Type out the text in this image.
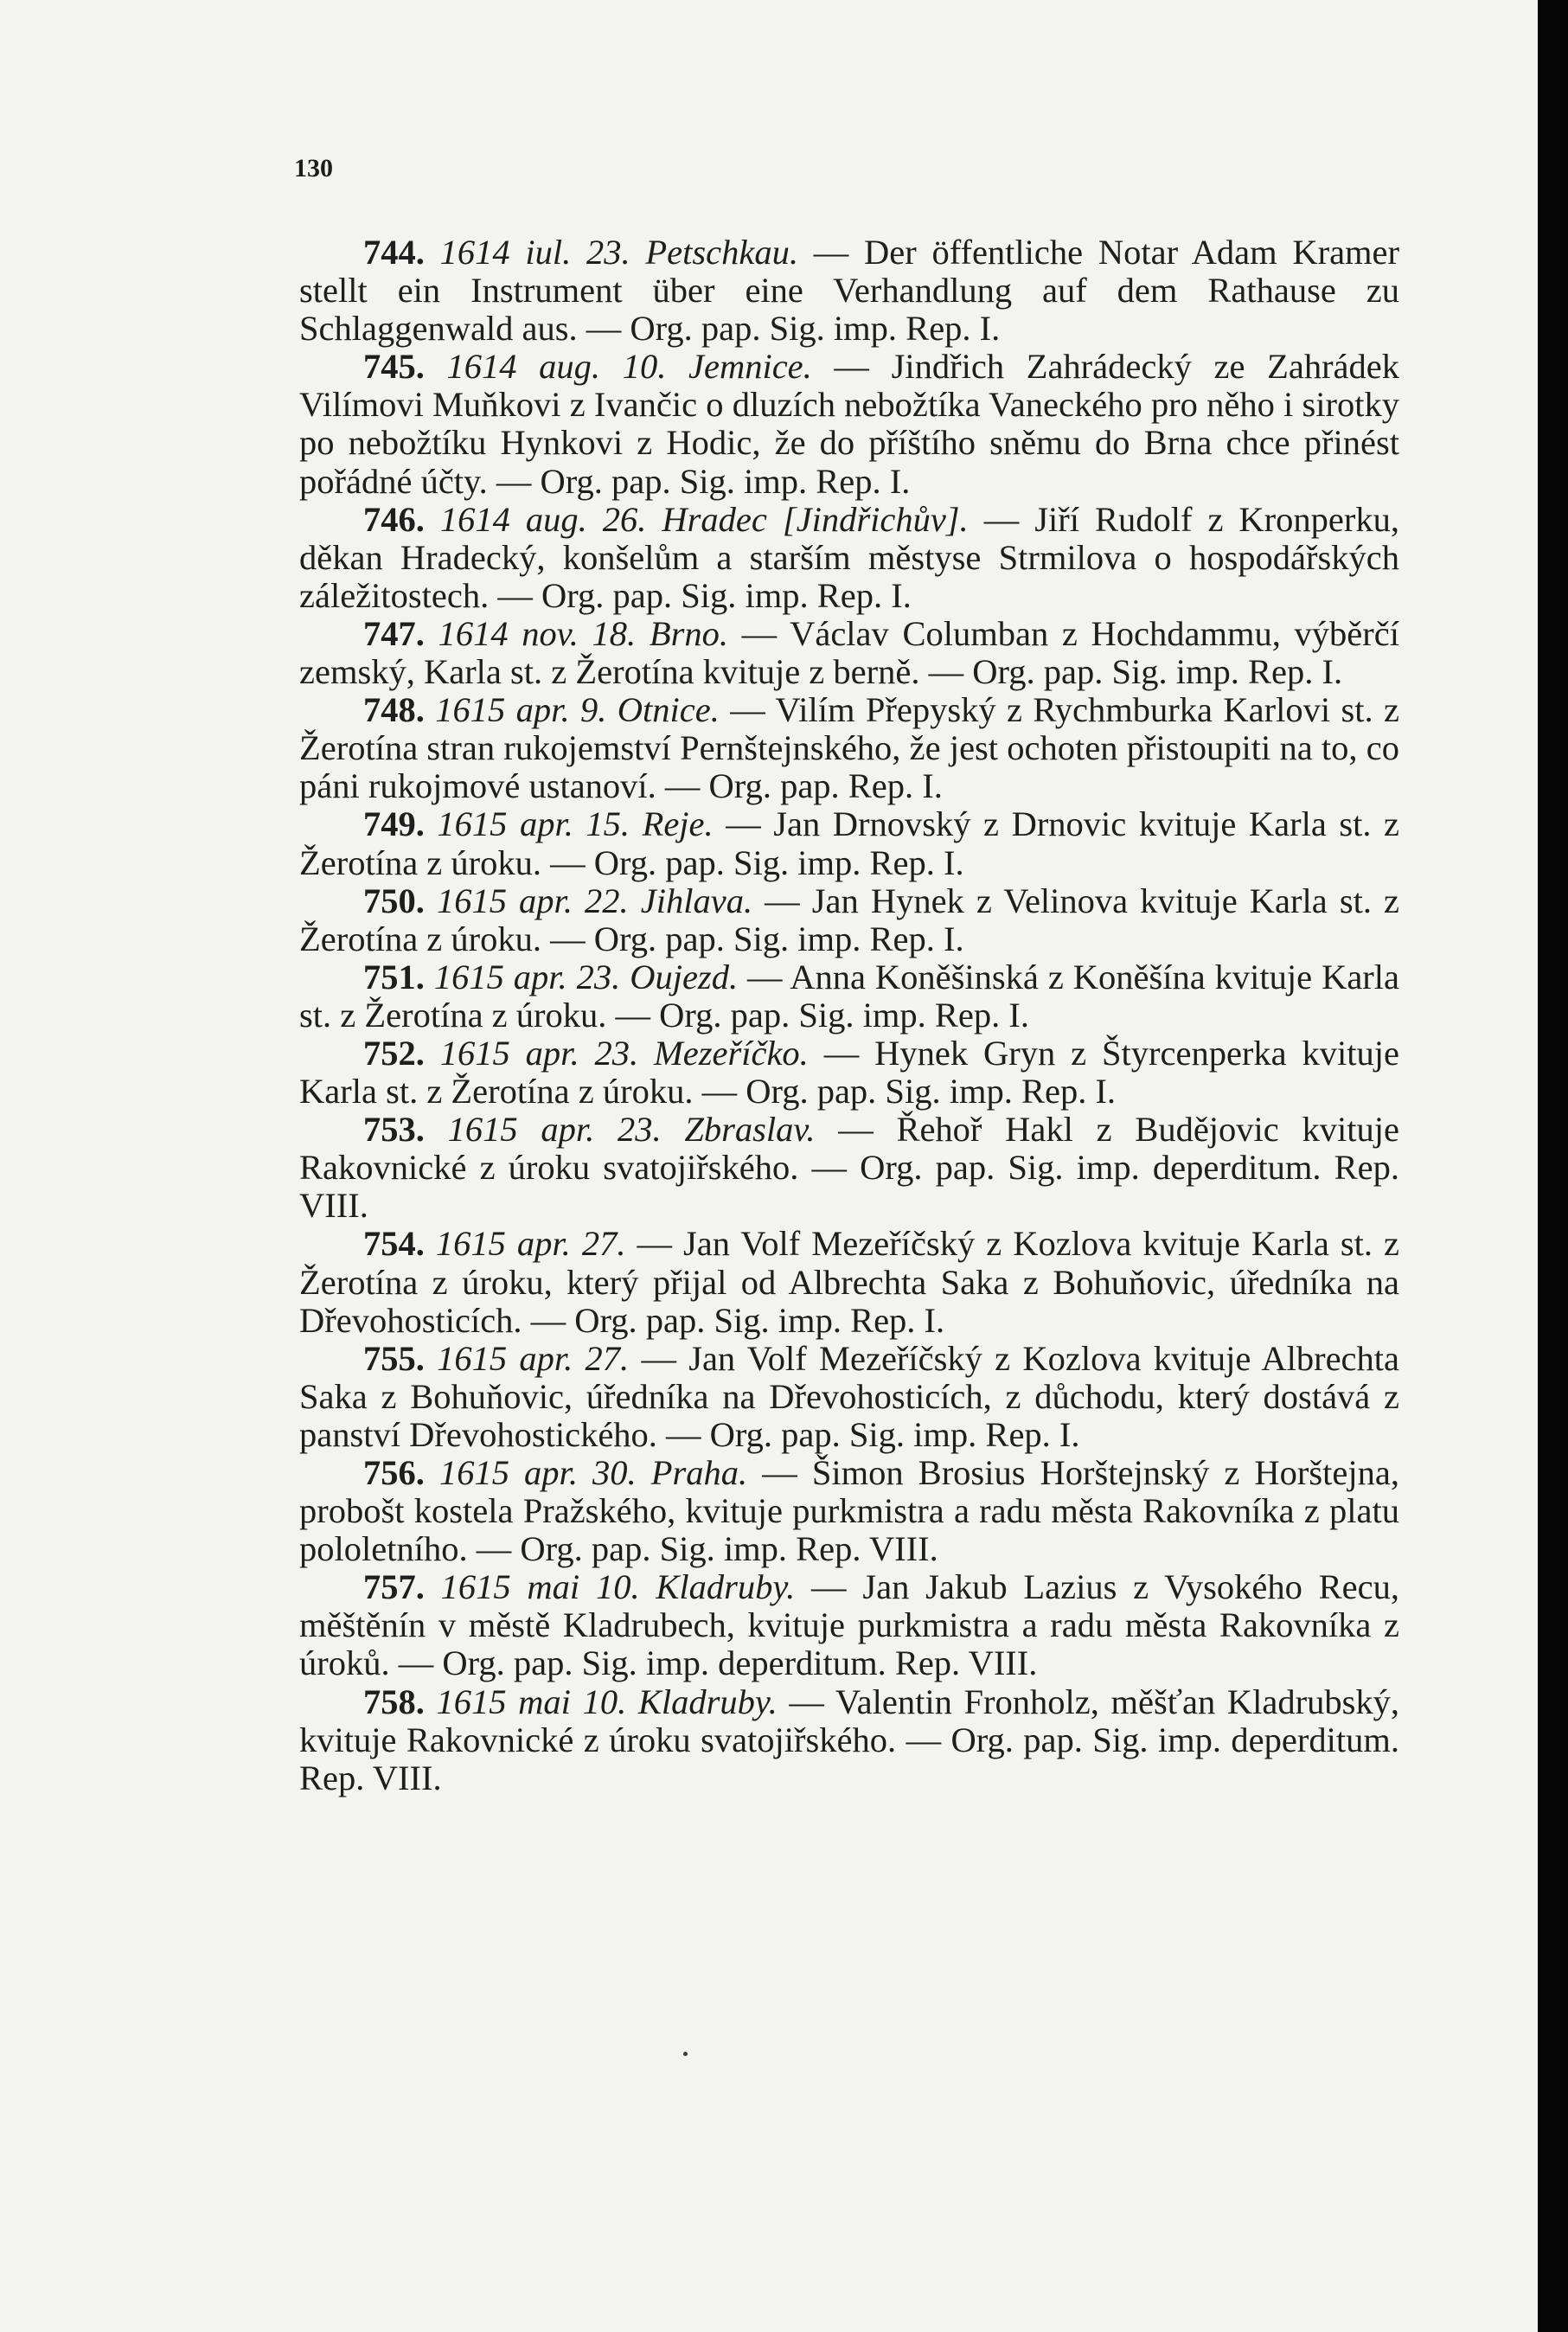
130

744. 1614 iul. 23. Petschkau. — Der öffentliche Notar Adam Kramer stellt ein Instrument über eine Verhandlung auf dem Rathause zu Schlaggenwald aus. — Org. pap. Sig. imp. Rep. I.

745. 1614 aug. 10. Jemnice. — Jindřich Zahrádecký ze Zahrádek Vilímovi Muňkovi z Ivančic o dluzích nebožtíka Vaneckého pro něho i sirotky po nebožtíku Hynkovi z Hodic, že do příštího sněmu do Brna chce přinést pořádné účty. — Org. pap. Sig. imp. Rep. I.

746. 1614 aug. 26. Hradec [Jindřichův]. — Jiří Rudolf z Kronperku, děkan Hradecký, konšelům a starším městyse Strmilova o hospodářských záležitostech. — Org. pap. Sig. imp. Rep. I.

747. 1614 nov. 18. Brno. — Václav Columban z Hochdammu, výběrčí zemský, Karla st. z Žerotína kvituje z berně. — Org. pap. Sig. imp. Rep. I.

748. 1615 apr. 9. Otnice. — Vilím Přepyský z Rychmburka Karlovi st. z Žerotína stran rukojemství Pernštejnského, že jest ochoten přistoupiti na to, co páni rukojmové ustanoví. — Org. pap. Rep. I.

749. 1615 apr. 15. Reje. — Jan Drnovský z Drnovic kvituje Karla st. z Žerotína z úroku. — Org. pap. Sig. imp. Rep. I.

750. 1615 apr. 22. Jihlava. — Jan Hynek z Velinova kvituje Karla st. z Žerotína z úroku. — Org. pap. Sig. imp. Rep. I.

751. 1615 apr. 23. Oujezd. — Anna Koněšinská z Koněšína kvituje Karla st. z Žerotína z úroku. — Org. pap. Sig. imp. Rep. I.

752. 1615 apr. 23. Mezeříčko. — Hynek Gryn z Štyrcenperka kvituje Karla st. z Žerotína z úroku. — Org. pap. Sig. imp. Rep. I.

753. 1615 apr. 23. Zbraslav. — Řehoř Hakl z Budějovic kvituje Rakovnické z úroku svatojiřského. — Org. pap. Sig. imp. deperditum. Rep. VIII.

754. 1615 apr. 27. — Jan Volf Mezeříčský z Kozlova kvituje Karla st. z Žerotína z úroku, který přijal od Albrechta Saka z Bohuňovic, úředníka na Dřevohosticích. — Org. pap. Sig. imp. Rep. I.

755. 1615 apr. 27. — Jan Volf Mezeříčský z Kozlova kvituje Albrechta Saka z Bohuňovic, úředníka na Dřevohosticích, z důchodu, který dostává z panství Dřevohostického. — Org. pap. Sig. imp. Rep. I.

756. 1615 apr. 30. Praha. — Šimon Brosius Horštejnský z Horštejna, probošt kostela Pražského, kvituje purkmistra a radu města Rakovníka z platu pololetního. — Org. pap. Sig. imp. Rep. VIII.

757. 1615 mai 10. Kladruby. — Jan Jakub Lazius z Vysokého Recu, měštěnín v městě Kladrubech, kvituje purkmistra a radu města Rakovníka z úroků. — Org. pap. Sig. imp. deperditum. Rep. VIII.

758. 1615 mai 10. Kladruby. — Valentin Fronholz, měšťan Kladrubský, kvituje Rakovnické z úroku svatojiřského. — Org. pap. Sig. imp. deperditum. Rep. VIII.
